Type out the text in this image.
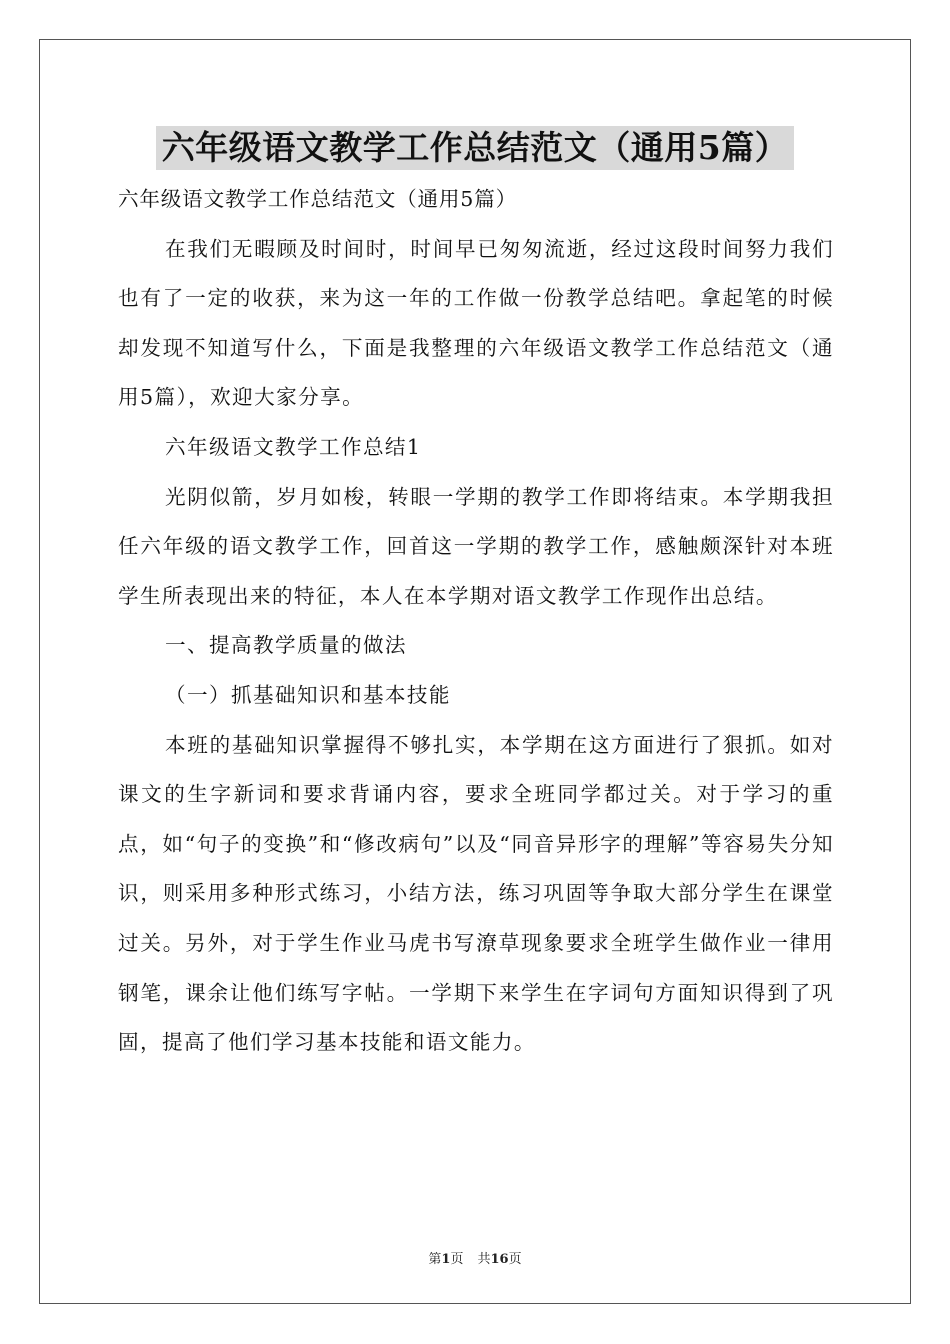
六年级语文教学工作总结范文（通用5篇）

六年级语文教学工作总结范文（通用5篇）

在我们无暇顾及时间时，时间早已匆匆流逝，经过这段时间努力我们也有了一定的收获，来为这一年的工作做一份教学总结吧。拿起笔的时候却发现不知道写什么，下面是我整理的六年级语文教学工作总结范文（通用5篇），欢迎大家分享。

六年级语文教学工作总结1

光阴似箭，岁月如梭，转眼一学期的教学工作即将结束。本学期我担任六年级的语文教学工作，回首这一学期的教学工作，感触颇深针对本班学生所表现出来的特征，本人在本学期对语文教学工作现作出总结。

一、提高教学质量的做法

（一）抓基础知识和基本技能

本班的基础知识掌握得不够扎实，本学期在这方面进行了狠抓。如对课文的生字新词和要求背诵内容，要求全班同学都过关。对于学习的重点，如“句子的变换”和“修改病句”以及“同音异形字的理解”等容易失分知识，则采用多种形式练习，小结方法，练习巩固等争取大部分学生在课堂过关。另外，对于学生作业马虎书写潦草现象要求全班学生做作业一律用钢笔，课余让他们练写字帖。一学期下来学生在字词句方面知识得到了巩固，提高了他们学习基本技能和语文能力。

第1页 共16页
